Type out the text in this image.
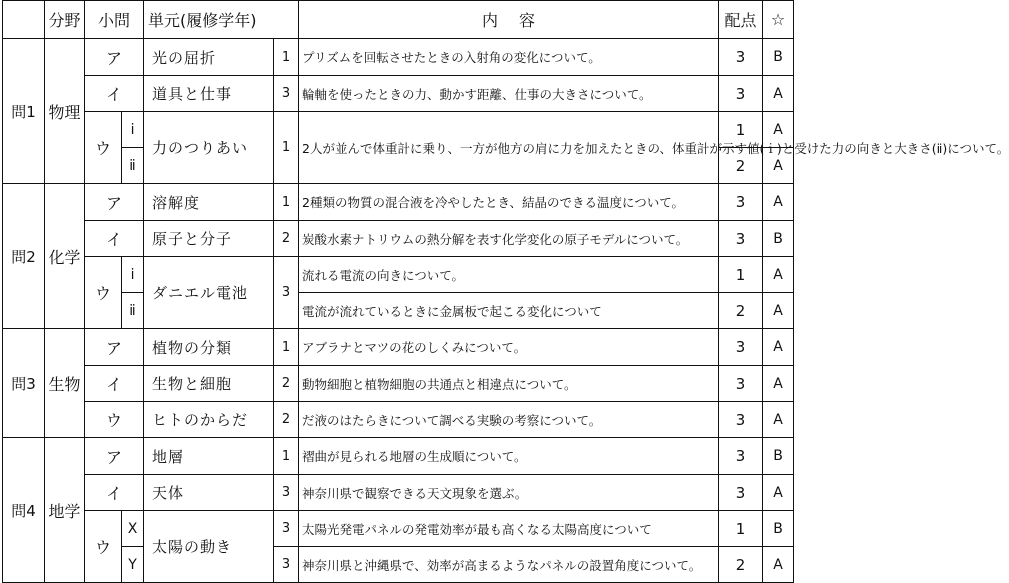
	分野	小問		単元(履修学年)		内 容	配点	☆
問1	物理	ア		光の屈折	1	プリズムを回転させたときの入射角の変化について。	3	B
		イ		道具と仕事	3	輪軸を使ったときの力、動かす距離、仕事の大きさについて。	3	A
		ウ	ⅰ	力のつりあい	1	2人が並んで体重計に乗り、一方が他方の肩に力を加えたときの、体重計が示す値(ｉ)と受けた力の向きと大きさ(ⅱ)について。	1	A
			ⅱ				2	A
問2	化学	ア		溶解度	1	2種類の物質の混合液を冷やしたとき、結晶のできる温度について。	3	A
		イ		原子と分子	2	炭酸水素ナトリウムの熱分解を表す化学変化の原子モデルについて。	3	B
		ウ	ⅰ	ダニエル電池	3	流れる電流の向きについて。	1	A
			ⅱ			電流が流れているときに金属板で起こる変化について	2	A
問3	生物	ア		植物の分類	1	アブラナとマツの花のしくみについて。	3	A
		イ		生物と細胞	2	動物細胞と植物細胞の共通点と相違点について。	3	A
		ウ		ヒトのからだ	2	だ液のはたらきについて調べる実験の考察について。	3	A
問4	地学	ア		地層	1	褶曲が見られる地層の生成順について。	3	B
		イ		天体	3	神奈川県で観察できる天文現象を選ぶ。	3	A
		ウ	X	太陽の動き	3	太陽光発電パネルの発電効率が最も高くなる太陽高度について	1	B
			Y		3	神奈川県と沖縄県で、効率が高まるようなパネルの設置角度について。	2	A
